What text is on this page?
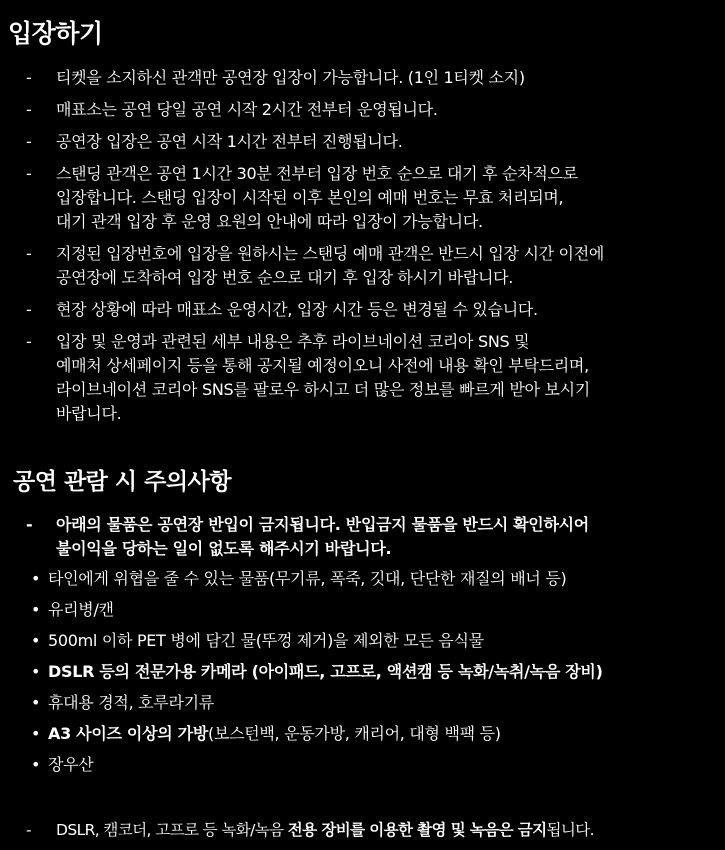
입장하기
- 티켓을 소지하신 관객만 공연장 입장이 가능합니다. (1인 1티켓 소지)
- 매표소는 공연 당일 공연 시작 2시간 전부터 운영됩니다.
- 공연장 입장은 공연 시작 1시간 전부터 진행됩니다.
- 스탠딩 관객은 공연 1시간 30분 전부터 입장 번호 순으로 대기 후 순차적으로
입장합니다. 스탠딩 입장이 시작된 이후 본인의 예매 번호는 무효 처리되며,
대기 관객 입장 후 운영 요원의 안내에 따라 입장이 가능합니다.
- 지정된 입장번호에 입장을 원하시는 스탠딩 예매 관객은 반드시 입장 시간 이전에
공연장에 도착하여 입장 번호 순으로 대기 후 입장 하시기 바랍니다.
- 현장 상황에 따라 매표소 운영시간, 입장 시간 등은 변경될 수 있습니다.
- 입장 및 운영과 관련된 세부 내용은 추후 라이브네이션 코리아 SNS 및
예매처 상세페이지 등을 통해 공지될 예정이오니 사전에 내용 확인 부탁드리며,
라이브네이션 코리아 SNS를 팔로우 하시고 더 많은 정보를 빠르게 받아 보시기
바랍니다.
공연 관람 시 주의사항
- 아래의 물품은 공연장 반입이 금지됩니다. 반입금지 물품을 반드시 확인하시어
불이익을 당하는 일이 없도록 해주시기 바랍니다.
• 타인에게 위협을 줄 수 있는 물품(무기류, 폭죽, 깃대, 단단한 재질의 배너 등)
• 유리병/캔
• 500ml 이하 PET 병에 담긴 물(뚜껑 제거)을 제외한 모든 음식물
• DSLR 등의 전문가용 카메라 (아이패드, 고프로, 액션캠 등 녹화/녹취/녹음 장비)
• 휴대용 경적, 호루라기류
• A3 사이즈 이상의 가방(보스턴백, 운동가방, 캐리어, 대형 백팩 등)
• 장우산
- DSLR, 캠코더, 고프로 등 녹화/녹음 전용 장비를 이용한 촬영 및 녹음은 금지됩니다.
